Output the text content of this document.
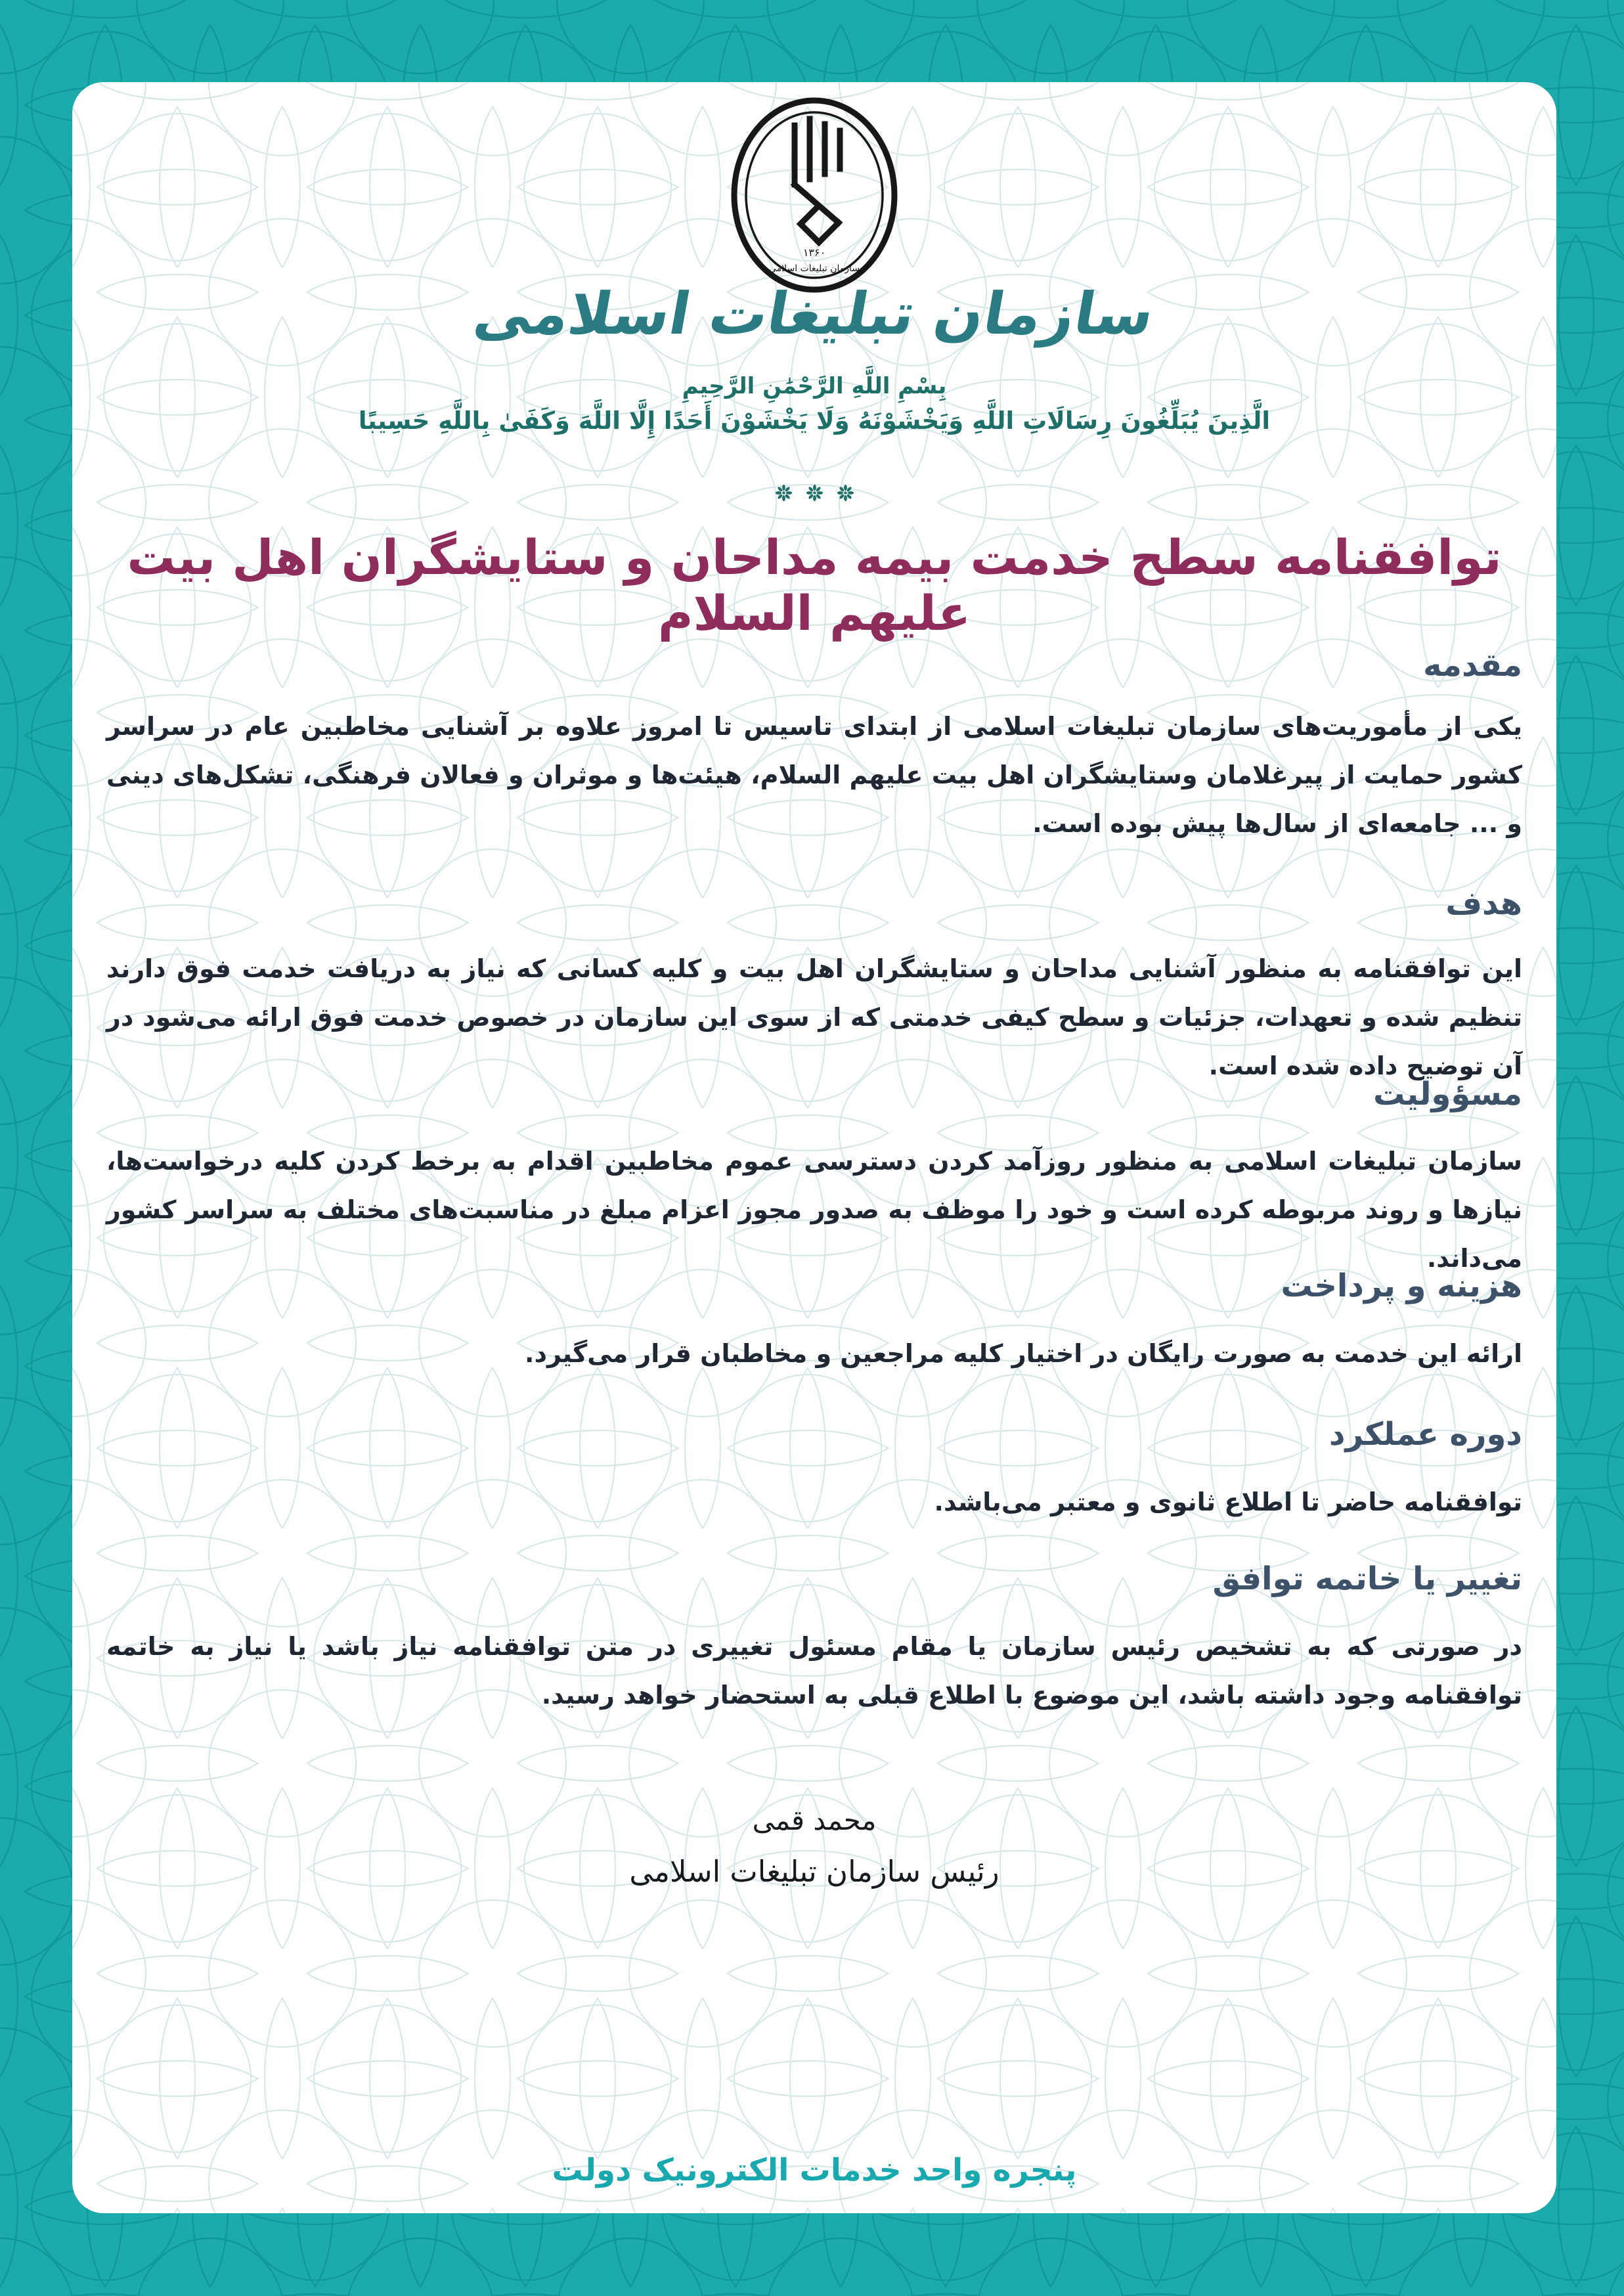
۱۳۶۰
سازمان تبلیغات اسلامی
سازمان تبلیغات اسلامی
بِسْمِ اللَّهِ الرَّحْمَٰنِ الرَّحِيمِ
الَّذِينَ يُبَلِّغُونَ رِسَالَاتِ اللَّهِ وَيَخْشَوْنَهُ وَلَا يَخْشَوْنَ أَحَدًا إِلَّا اللَّهَ وَكَفَىٰ بِاللَّهِ حَسِيبًا
توافقنامه سطح خدمت بیمه مداحان و ستایشگران اهل بیت علیهم السلام
مقدمه
یکی از مأموریت‌های سازمان تبلیغات اسلامی از ابتدای تاسیس تا امروز علاوه بر آشنایی مخاطبین عام در سراسر کشور حمایت از پیرغلامان وستایشگران اهل بیت علیهم السلام، هیئت‌ها و موثران و فعالان فرهنگی، تشکل‌های دینی و ... جامعه‌ای از سال‌ها پیش بوده است.
هدف
این توافقنامه به منظور آشنایی مداحان و ستایشگران اهل بیت و کلیه کسانی که نیاز به دریافت خدمت فوق دارند تنظیم شده و تعهدات، جزئیات و سطح کیفی خدمتی که از سوی این سازمان در خصوص خدمت فوق ارائه می‌شود در آن توضیح داده شده است.
مسؤولیت
سازمان تبلیغات اسلامی به منظور روزآمد کردن دسترسی عموم مخاطبین اقدام به برخط کردن کلیه درخواست‌ها، نیازها و روند مربوطه کرده است و خود را موظف به صدور مجوز اعزام مبلغ در مناسبت‌های مختلف به سراسر کشور می‌داند.
هزینه و پرداخت
ارائه این خدمت به صورت رایگان در اختیار کلیه مراجعین و مخاطبان قرار می‌گیرد.
دوره عملکرد
توافقنامه حاضر تا اطلاع ثانوی و معتبر می‌باشد.
تغییر یا خاتمه توافق
در صورتی که به تشخیص رئیس سازمان یا مقام مسئول تغییری در متن توافقنامه نیاز باشد یا نیاز به خاتمه توافقنامه وجود داشته باشد، این موضوع با اطلاع قبلی به استحضار خواهد رسید.
محمد قمی
رئیس سازمان تبلیغات اسلامی
پنجره واحد خدمات الکترونیک دولت
